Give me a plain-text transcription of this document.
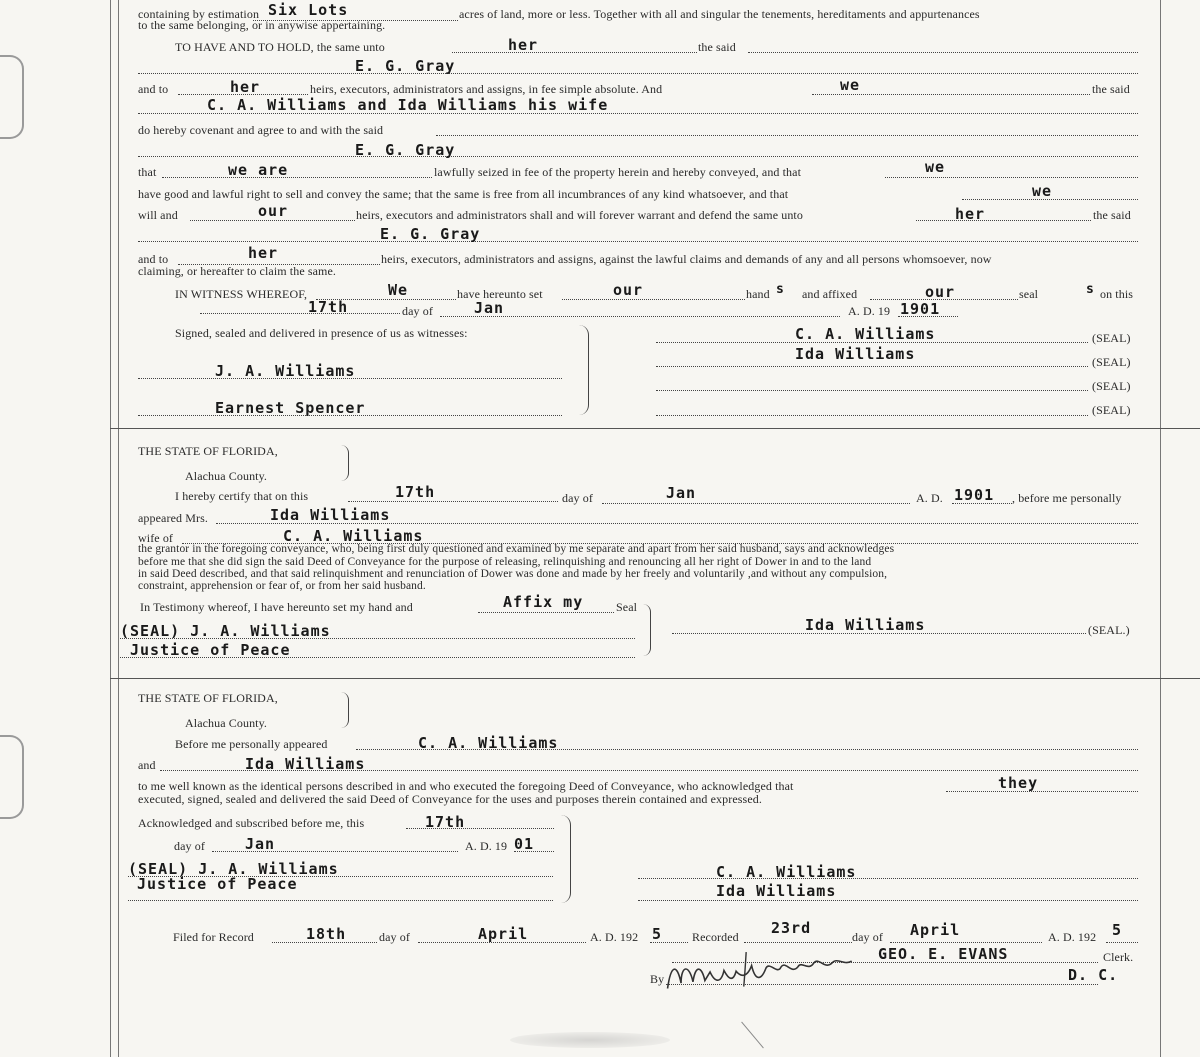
containing by estimation Six Lots	acres of land, more or less. Together with all and singular the tenements, hereditaments and appurtenances
to the same belonging, or in anywise appertaining.
TO HAVE AND TO HOLD, the same unto	her	the said
E. G. Gray
and to	her	heirs, executors, administrators and assigns, in fee simple absolute. And	we	the said
C. A. Williams and Ida Williams his wife
do hereby covenant and agree to and with the said
E. G. Gray
that	we are	lawfully seized in fee of the property herein and hereby conveyed, and that	we
have good and lawful right to sell and convey the same; that the same is free from all incumbrances of any kind whatsoever, and that	we
will and	our	heirs, executors and administrators shall and will forever warrant and defend the same unto	her	the said
E. G. Gray
and to	her	heirs, executors, administrators and assigns, against the lawful claims and demands of any and all persons whomsoever, now
claiming, or hereafter to claim the same.
IN WITNESS WHEREOF,	We	have hereunto set	our	hand s and affixed	our	seal	s on this
17th	day of	Jan	A. D. 19 1901
Signed, sealed and delivered in presence of us as witnesses:
J. A. Williams
Earnest Spencer
C. A. Williams	(SEAL)
Ida Williams	(SEAL)
(SEAL)
(SEAL)
THE STATE OF FLORIDA,
Alachua County.
I hereby certify that on this	17th	day of	Jan	A. D. 1901 , before me personally
appeared Mrs.	Ida Williams
wife of	C. A. Williams
the grantor in the foregoing conveyance, who, being first duly questioned and examined by me separate and apart from her said husband, says and acknowledges
before me that she did sign the said Deed of Conveyance for the purpose of releasing, relinquishing and renouncing all her right of Dower in and to the land
in said Deed described, and that said relinquishment and renunciation of Dower was done and made by her freely and voluntarily ,and without any compulsion,
constraint, apprehension or fear of, or from her said husband.
In Testimony whereof, I have hereunto set my hand and	Affix my	Seal
(SEAL) J. A. Williams
Justice of Peace
Ida Williams	(SEAL.)
THE STATE OF FLORIDA,
Alachua County.
Before me personally appeared	C. A. Williams
and	Ida Williams
to me well known as the identical persons described in and who executed the foregoing Deed of Conveyance, who acknowledged that	they
executed, signed, sealed and delivered the said Deed of Conveyance for the uses and purposes therein contained and expressed.
Acknowledged and subscribed before me, this	17th
day of	Jan	A. D. 19 01
(SEAL) J. A. Williams
Justice of Peace
C. A. Williams
Ida Williams
Filed for Record	18th	day of	April	A. D. 192 5 Recorded 23rd	day of April	A. D. 192 5
GEO. E. EVANS	Clerk.
By	D. C.
